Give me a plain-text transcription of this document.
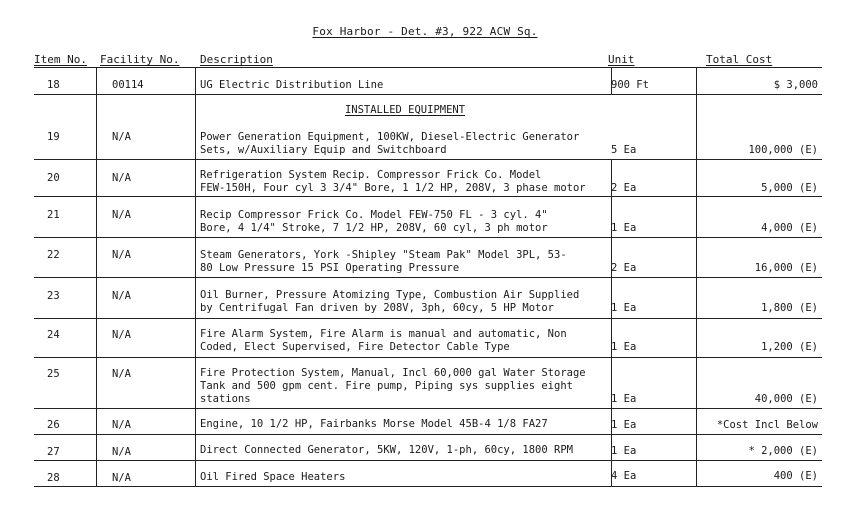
Fox Harbor - Det. #3, 922 ACW Sq.
Item No. Facility No. Description	Unit	Total Cost
INSTALLED EQUIPMENT
18	00114	UG Electric Distribution Line	900 Ft	$ 3,000
19	N/A	Power Generation Equipment, 100KW, Diesel-Electric Generator
Sets, w/Auxiliary Equip and Switchboard	5 Ea	100,000 (E)
20	N/A	Refrigeration System Recip. Compressor Frick Co. Model
FEW-150H, Four cyl 3 3/4" Bore, 1 1/2 HP, 208V, 3 phase motor	2 Ea	5,000 (E)
21	N/A	Recip Compressor Frick Co. Model FEW-750 FL - 3 cyl. 4"
Bore, 4 1/4" Stroke, 7 1/2 HP, 208V, 60 cyl, 3 ph motor	1 Ea	4,000 (E)
22	N/A	Steam Generators, York -Shipley "Steam Pak" Model 3PL, 53-
80 Low Pressure 15 PSI Operating Pressure	2 Ea	16,000 (E)
23	N/A	Oil Burner, Pressure Atomizing Type, Combustion Air Supplied
by Centrifugal Fan driven by 208V, 3ph, 60cy, 5 HP Motor	1 Ea	1,800 (E)
24	N/A	Fire Alarm System, Fire Alarm is manual and automatic, Non
Coded, Elect Supervised, Fire Detector Cable Type	1 Ea	1,200 (E)
25	N/A	Fire Protection System, Manual, Incl 60,000 gal Water Storage
Tank and 500 gpm cent. Fire pump, Piping sys supplies eight
stations	1 Ea	40,000 (E)
26	N/A	Engine, 10 1/2 HP, Fairbanks Morse Model 45B-4 1/8 FA27	1 Ea	*Cost Incl Below
27	N/A	Direct Connected Generator, 5KW, 120V, 1-ph, 60cy, 1800 RPM	1 Ea	* 2,000 (E)
28	N/A	Oil Fired Space Heaters	4 Ea	400 (E)
